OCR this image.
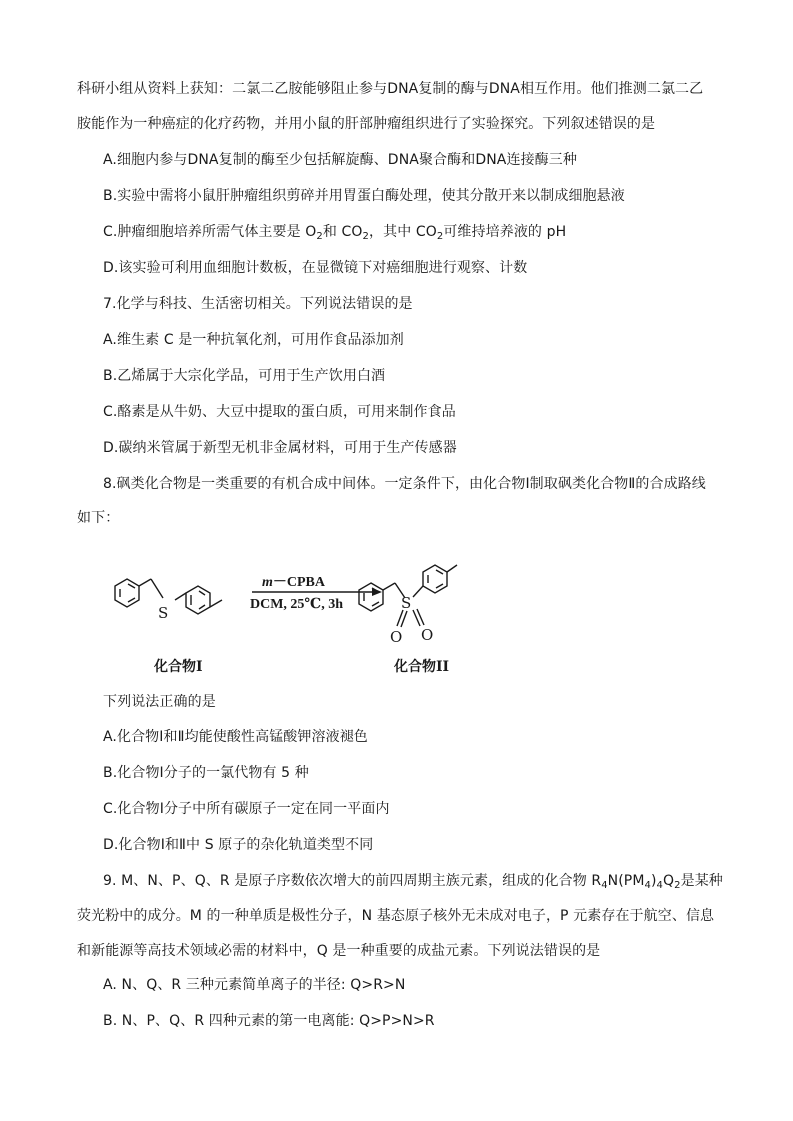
科研小组从资料上获知：二氯二乙胺能够阻止参与DNA复制的酶与DNA相互作用。他们推测二氯二乙
胺能作为一种癌症的化疗药物，并用小鼠的肝部肿瘤组织进行了实验探究。下列叙述错误的是
A.细胞内参与DNA复制的酶至少包括解旋酶、DNA聚合酶和DNA连接酶三种
B.实验中需将小鼠肝肿瘤组织剪碎并用胃蛋白酶处理，使其分散开来以制成细胞悬液
C.肿瘤细胞培养所需气体主要是 $O_2$和 $CO_2$，其中 $CO_2$可维持培养液的 pH
D.该实验可利用血细胞计数板，在显微镜下对癌细胞进行观察、计数
7.化学与科技、生活密切相关。下列说法错误的是
A.维生素 C 是一种抗氧化剂，可用作食品添加剂
B.乙烯属于大宗化学品，可用于生产饮用白酒
C.酪素是从牛奶、大豆中提取的蛋白质，可用来制作食品
D.碳纳米管属于新型无机非金属材料，可用于生产传感器
8.砜类化合物是一类重要的有机合成中间体。一定条件下，由化合物Ⅰ制取砜类化合物Ⅱ的合成路线
如下：
S
S
O O
m－CPBA
DCM, 25℃, 3h
化合物I	化合物II
下列说法正确的是
A.化合物Ⅰ和Ⅱ均能使酸性高锰酸钾溶液褪色
B.化合物Ⅰ分子的一氯代物有 5 种
C.化合物Ⅰ分子中所有碳原子一定在同一平面内
D.化合物Ⅰ和Ⅱ中 S 原子的杂化轨道类型不同
9. M、N、P、Q、R 是原子序数依次增大的前四周期主族元素，组成的化合物 $R_4N(PM_4)_4Q_2$是某种
荧光粉中的成分。M 的一种单质是极性分子，N 基态原子核外无未成对电子，P 元素存在于航空、信息
和新能源等高技术领域必需的材料中，Q 是一种重要的成盐元素。下列说法错误的是
A. N、Q、R 三种元素简单离子的半径: Q>R>N
B. N、P、Q、R 四种元素的第一电离能: Q>P>N>R
